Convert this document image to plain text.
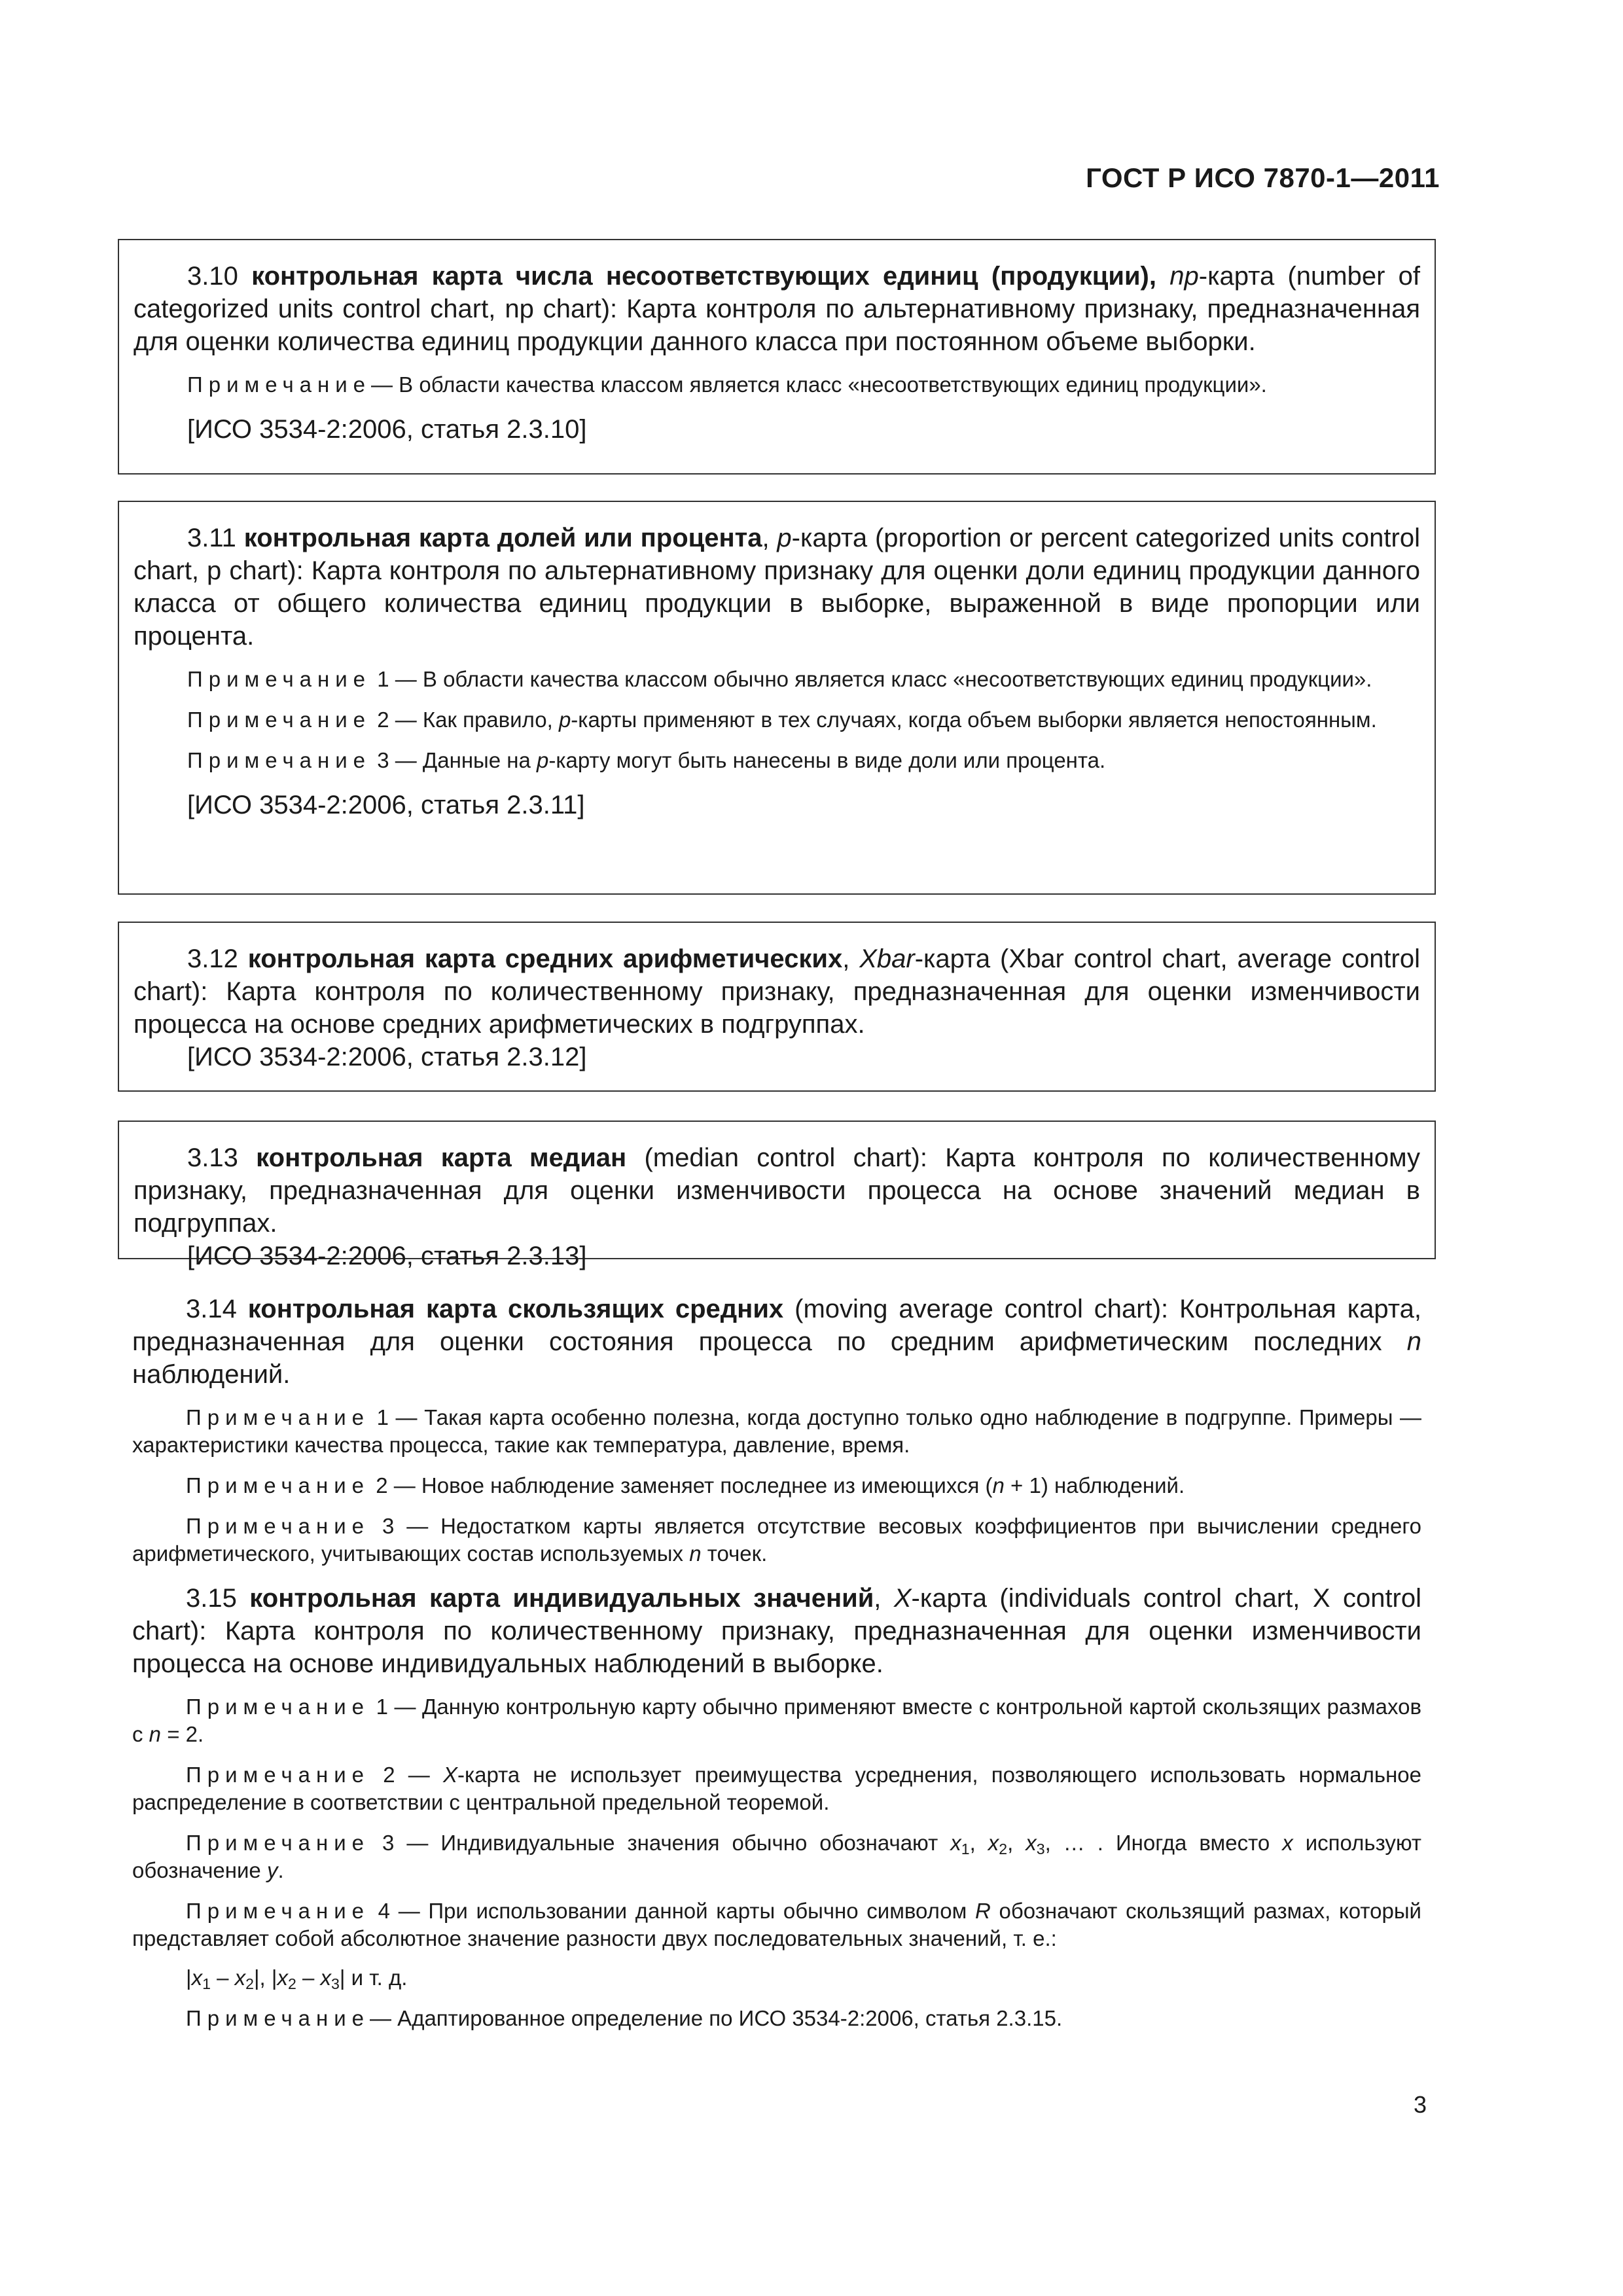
ГОСТ Р ИСО 7870-1—2011

3.10 контрольная карта числа несоответствующих единиц (продукции), np-карта (number of categorized units control chart, np chart): Карта контроля по альтернативному признаку, предназначенная для оценки количества единиц продукции данного класса при постоянном объеме выборки.

Примечание— В области качества классом является класс «несоответствующих единиц продукции».

[ИСО 3534-2:2006, статья 2.3.10]

3.11 контрольная карта долей или процента, p-карта (proportion or percent categorized units control chart, p chart): Карта контроля по альтернативному признаку для оценки доли единиц продукции данного класса от общего количества единиц продукции в выборке, выраженной в виде пропорции или процента.

Примечание 1 — В области качества классом обычно является класс «несоответствующих единиц продукции».

Примечание 2 — Как правило, p-карты применяют в тех случаях, когда объем выборки является непостоянным.

Примечание 3 — Данные на p-карту могут быть нанесены в виде доли или процента.

[ИСО 3534-2:2006, статья 2.3.11]

3.12 контрольная карта средних арифметических, Xbar-карта (Xbar control chart, average control chart): Карта контроля по количественному признаку, предназначенная для оценки изменчивости процесса на основе средних арифметических в подгруппах.

[ИСО 3534-2:2006, статья 2.3.12]

3.13 контрольная карта медиан (median control chart): Карта контроля по количественному признаку, предназначенная для оценки изменчивости процесса на основе значений медиан в подгруппах.

[ИСО 3534-2:2006, статья 2.3.13]

3.14 контрольная карта скользящих средних (moving average control chart): Контрольная карта, предназначенная для оценки состояния процесса по средним арифметическим последних n наблюдений.

Примечание 1 — Такая карта особенно полезна, когда доступно только одно наблюдение в подгруппе. Примеры — характеристики качества процесса, такие как температура, давление, время.

Примечание 2 — Новое наблюдение заменяет последнее из имеющихся (n + 1) наблюдений.

Примечание 3 — Недостатком карты является отсутствие весовых коэффициентов при вычислении среднего арифметического, учитывающих состав используемых n точек.

3.15 контрольная карта индивидуальных значений, X-карта (individuals control chart, X control chart): Карта контроля по количественному признаку, предназначенная для оценки изменчивости процесса на основе индивидуальных наблюдений в выборке.

Примечание 1 — Данную контрольную карту обычно применяют вместе с контрольной картой скользящих размахов с n = 2.

Примечание 2 — X-карта не использует преимущества усреднения, позволяющего использовать нормальное распределение в соответствии с центральной предельной теоремой.

Примечание 3 — Индивидуальные значения обычно обозначают $x_1$, $x_2$, $x_3$, … . Иногда вместо x используют обозначение y.

Примечание 4 — При использовании данной карты обычно символом R обозначают скользящий размах, который представляет собой абсолютное значение разности двух последовательных значений, т. е.:

$|x_1 - x_2|$, $|x_2 - x_3|$ и т. д.

Примечание— Адаптированное определение по ИСО 3534-2:2006, статья 2.3.15.

3
